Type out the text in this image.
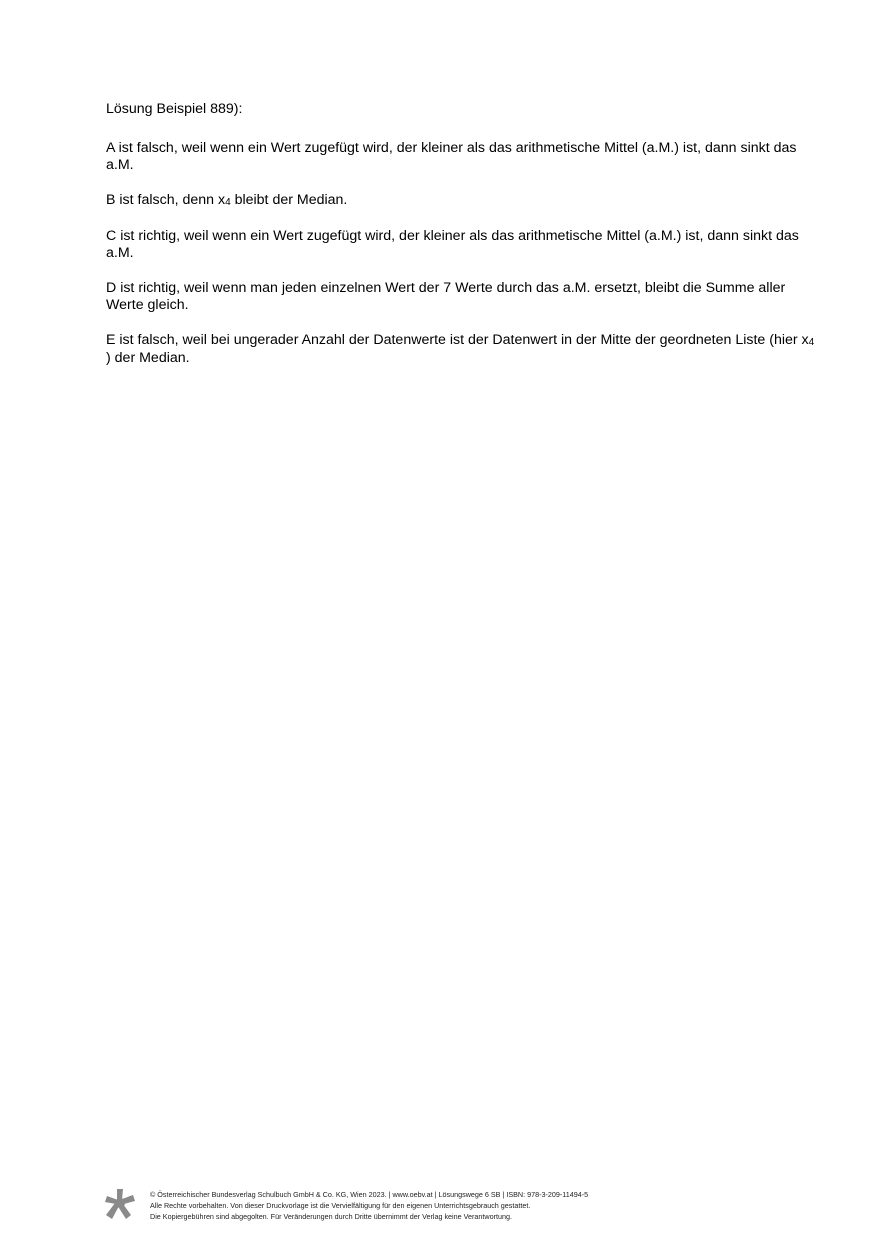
Lösung Beispiel 889):

A ist falsch, weil wenn ein Wert zugefügt wird, der kleiner als das arithmetische Mittel (a.M.) ist, dann sinkt das a.M.

B ist falsch, denn x4 bleibt der Median.

C ist richtig, weil wenn ein Wert zugefügt wird, der kleiner als das arithmetische Mittel (a.M.) ist, dann sinkt das a.M.

D ist richtig, weil wenn man jeden einzelnen Wert der 7 Werte durch das a.M. ersetzt, bleibt die Summe aller Werte gleich.

E ist falsch, weil bei ungerader Anzahl der Datenwerte ist der Datenwert in der Mitte der geordneten Liste (hier x4 ) der Median.

© Österreichischer Bundesverlag Schulbuch GmbH & Co. KG, Wien 2023. | www.oebv.at | Lösungswege 6 SB | ISBN: 978-3-209-11494-5
Alle Rechte vorbehalten. Von dieser Druckvorlage ist die Vervielfältigung für den eigenen Unterrichtsgebrauch gestattet.
Die Kopiergebühren sind abgegolten. Für Veränderungen durch Dritte übernimmt der Verlag keine Verantwortung.
